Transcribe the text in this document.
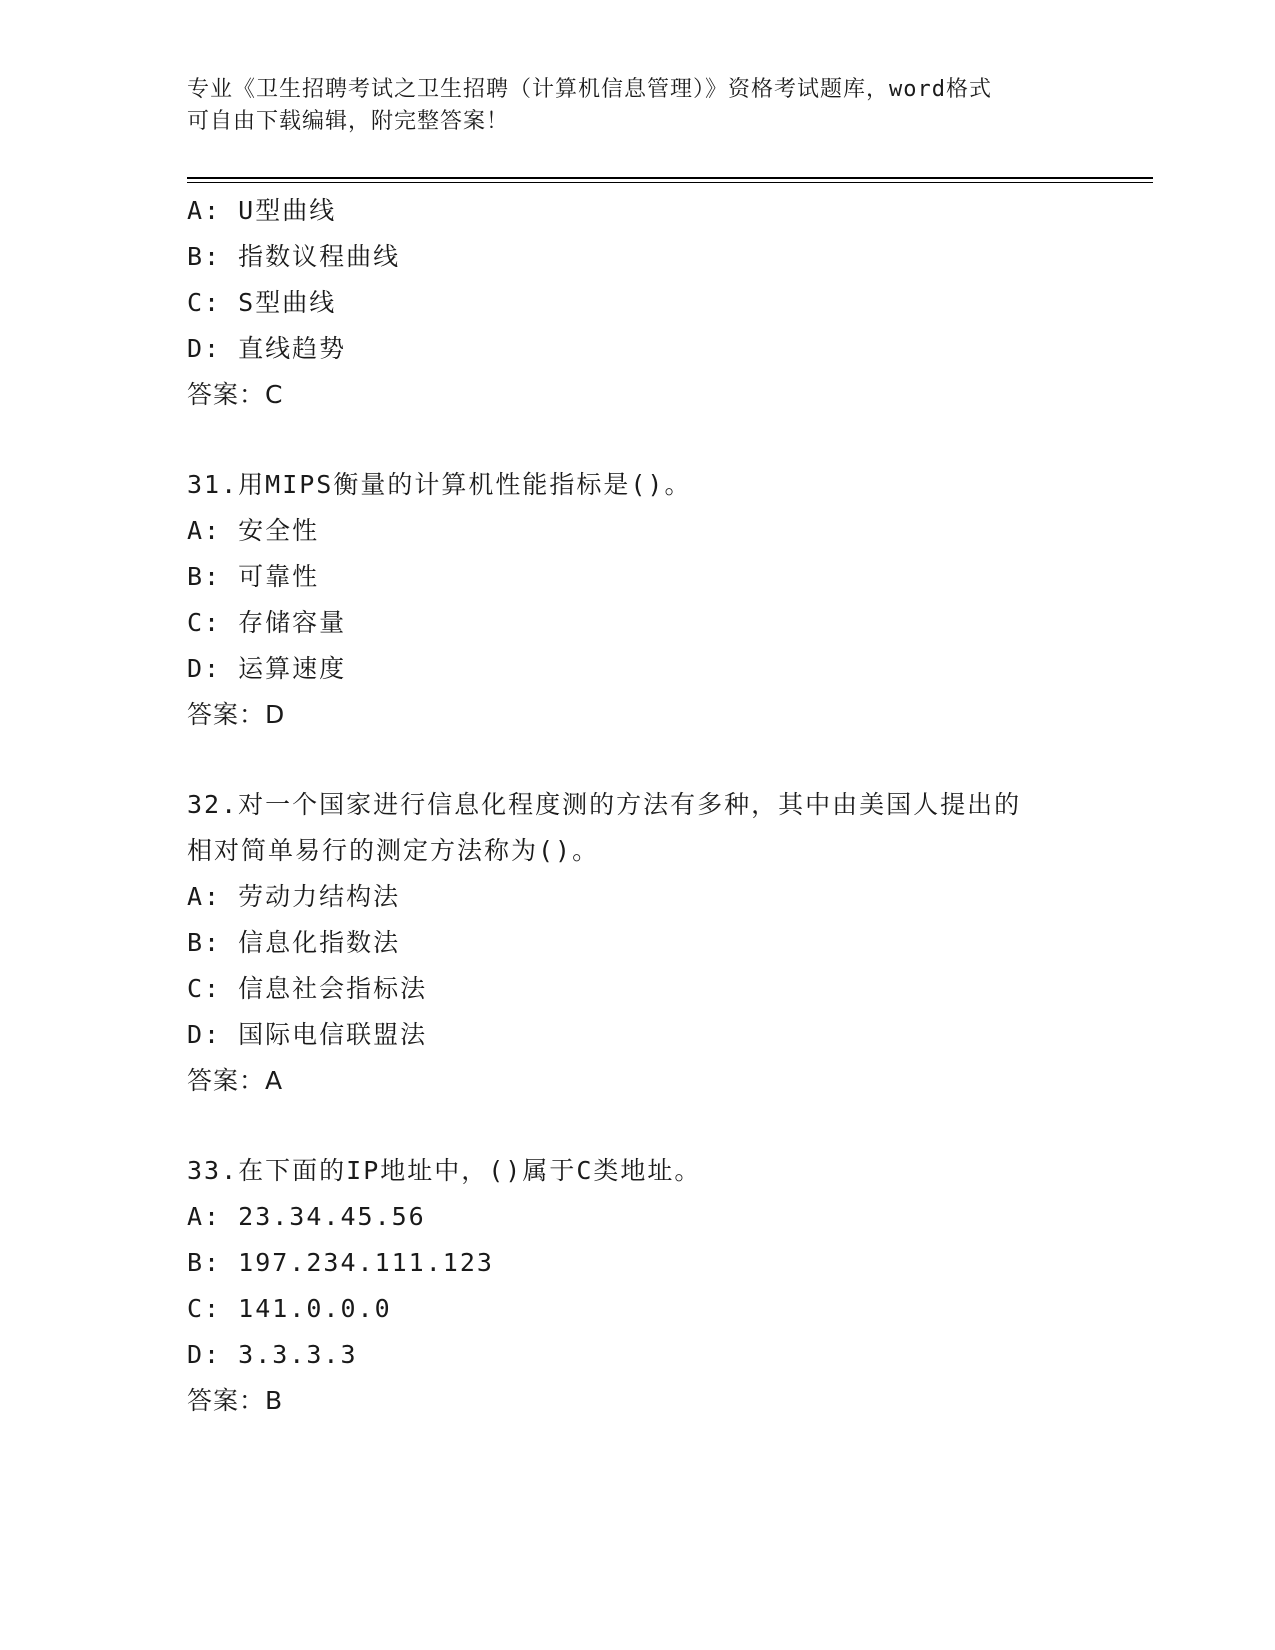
专业《卫生招聘考试之卫生招聘（计算机信息管理）》资格考试题库，word格式
可自由下载编辑，附完整答案！
A: U型曲线
B: 指数议程曲线
C: S型曲线
D: 直线趋势
答案：C
31.用MIPS衡量的计算机性能指标是()。
A: 安全性
B: 可靠性
C: 存储容量
D: 运算速度
答案：D
32.对一个国家进行信息化程度测的方法有多种，其中由美国人提出的
相对简单易行的测定方法称为()。
A: 劳动力结构法
B: 信息化指数法
C: 信息社会指标法
D: 国际电信联盟法
答案：A
33.在下面的IP地址中，()属于C类地址。
A: 23.34.45.56
B: 197.234.111.123
C: 141.0.0.0
D: 3.3.3.3
答案：B
